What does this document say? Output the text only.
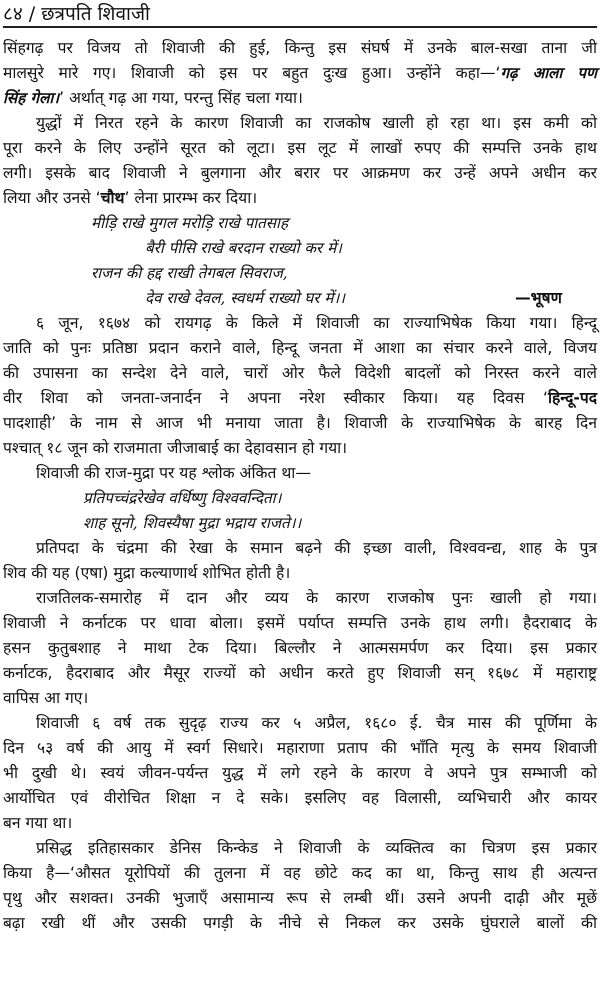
८४ / छत्रपति शिवाजी
सिंहगढ़ पर विजय तो शिवाजी की हुई, किन्तु इस संघर्ष में उनके बाल-सखा ताना जी
मालसुरे मारे गए। शिवाजी को इस पर बहुत दुःख हुआ। उन्होंने कहा—‘गढ़ आला पण
सिंह गेला।’ अर्थात् गढ़ आ गया, परन्तु सिंह चला गया।
युद्धों में निरत रहने के कारण शिवाजी का राजकोष खाली हो रहा था। इस कमी को
पूरा करने के लिए उन्होंने सूरत को लूटा। इस लूट में लाखों रुपए की सम्पत्ति उनके हाथ
लगी। इसके बाद शिवाजी ने बुलगाना और बरार पर आक्रमण कर उन्हें अपने अधीन कर
लिया और उनसे ‘चौथ’ लेना प्रारम्भ कर दिया।
मीड़ि राखे मुगल मरोड़ि राखे पातसाह
बैरी पीसि राखे बरदान राख्यो कर में।
राजन की हद्द राखी तेगबल सिवराज,
देव राखे देवल, स्वधर्म राख्यो घर में।।	—भूषण
६ जून, १६७४ को रायगढ़ के किले में शिवाजी का राज्याभिषेक किया गया। हिन्दू
जाति को पुनः प्रतिष्ठा प्रदान कराने वाले, हिन्दू जनता में आशा का संचार करने वाले, विजय
की उपासना का सन्देश देने वाले, चारों ओर फैले विदेशी बादलों को निरस्त करने वाले
वीर शिवा को जनता-जनार्दन ने अपना नरेश स्वीकार किया। यह दिवस ‘हिन्दू-पद
पादशाही’ के नाम से आज भी मनाया जाता है। शिवाजी के राज्याभिषेक के बारह दिन
पश्चात् १८ जून को राजमाता जीजाबाई का देहावसान हो गया।
शिवाजी की राज-मुद्रा पर यह श्लोक अंकित था—
प्रतिपच्चंद्ररेखेव वर्धिष्णु विश्ववन्दिता।
शाह सूनो, शिवस्यैषा मुद्रा भद्राय राजते।।
प्रतिपदा के चंद्रमा की रेखा के समान बढ़ने की इच्छा वाली, विश्ववन्द्य, शाह के पुत्र
शिव की यह (एषा) मुद्रा कल्याणार्थ शोभित होती है।
राजतिलक-समारोह में दान और व्यय के कारण राजकोष पुनः खाली हो गया।
शिवाजी ने कर्नाटक पर धावा बोला। इसमें पर्याप्त सम्पत्ति उनके हाथ लगी। हैदराबाद के
हसन कुतुबशाह ने माथा टेक दिया। बिल्लौर ने आत्मसमर्पण कर दिया। इस प्रकार
कर्नाटक, हैदराबाद और मैसूर राज्यों को अधीन करते हुए शिवाजी सन् १६७८ में महाराष्ट्र
वापिस आ गए।
शिवाजी ६ वर्ष तक सुदृढ़ राज्य कर ५ अप्रैल, १६८० ई. चैत्र मास की पूर्णिमा के
दिन ५३ वर्ष की आयु में स्वर्ग सिधारे। महाराणा प्रताप की भाँति मृत्यु के समय शिवाजी
भी दुखी थे। स्वयं जीवन-पर्यन्त युद्ध में लगे रहने के कारण वे अपने पुत्र सम्भाजी को
आर्योचित एवं वीरोचित शिक्षा न दे सके। इसलिए वह विलासी, व्यभिचारी और कायर
बन गया था।
प्रसिद्ध इतिहासकार डेनिस किन्केड ने शिवाजी के व्यक्तित्व का चित्रण इस प्रकार
किया है—‘औसत यूरोपियों की तुलना में वह छोटे कद का था, किन्तु साथ ही अत्यन्त
पृथु और सशक्त। उनकी भुजाएँ असामान्य रूप से लम्बी थीं। उसने अपनी दाढ़ी और मूछें
बढ़ा रखी थीं और उसकी पगड़ी के नीचे से निकल कर उसके घुंघराले बालों की
